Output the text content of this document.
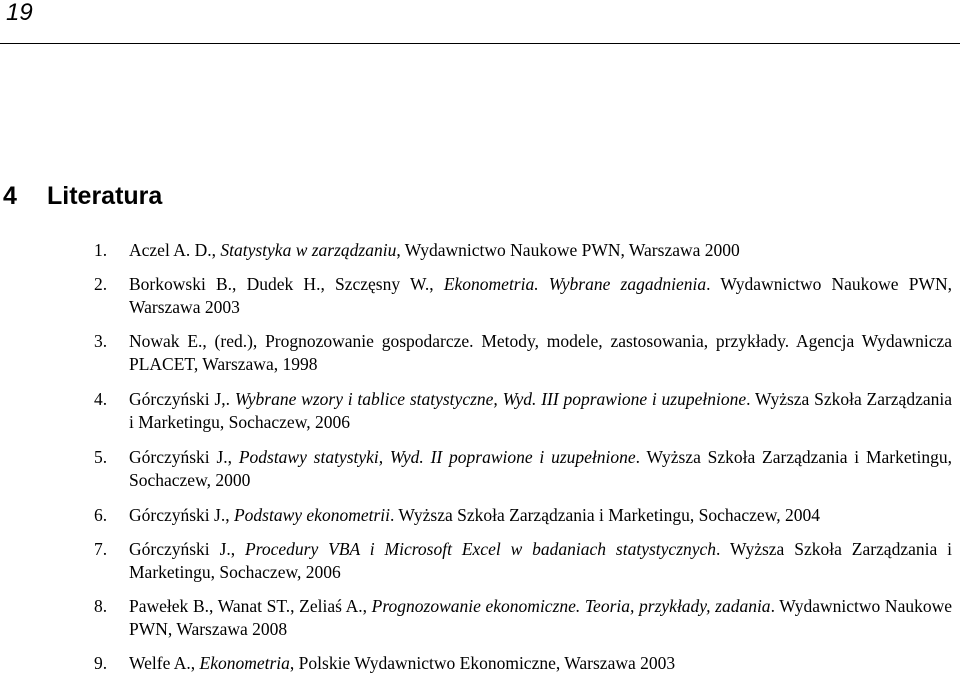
19
4 Literatura
1.	Aczel A. D., Statystyka w zarządzaniu, Wydawnictwo Naukowe PWN, Warszawa 2000
2.	Borkowski B., Dudek H., Szczęsny W., Ekonometria. Wybrane zagadnienia. Wydawnictwo Naukowe PWN, Warszawa 2003
3.	Nowak E., (red.), Prognozowanie gospodarcze. Metody, modele, zastosowania, przykłady. Agencja Wydawnicza PLACET, Warszawa, 1998
4.	Górczyński J,. Wybrane wzory i tablice statystyczne, Wyd. III poprawione i uzupełnione. Wyższa Szkoła Zarządzania i Marketingu, Sochaczew, 2006
5.	Górczyński J., Podstawy statystyki, Wyd. II poprawione i uzupełnione. Wyższa Szkoła Zarządzania i Marketingu, Sochaczew, 2000
6.	Górczyński J., Podstawy ekonometrii. Wyższa Szkoła Zarządzania i Marketingu, Sochaczew, 2004
7.	Górczyński J., Procedury VBA i Microsoft Excel w badaniach statystycznych. Wyższa Szkoła Zarządzania i Marketingu, Sochaczew, 2006
8.	Pawełek B., Wanat ST., Zeliaś A., Prognozowanie ekonomiczne. Teoria, przykłady, zadania. Wydawnictwo Naukowe PWN, Warszawa 2008
9.	Welfe A., Ekonometria, Polskie Wydawnictwo Ekonomiczne, Warszawa 2003
